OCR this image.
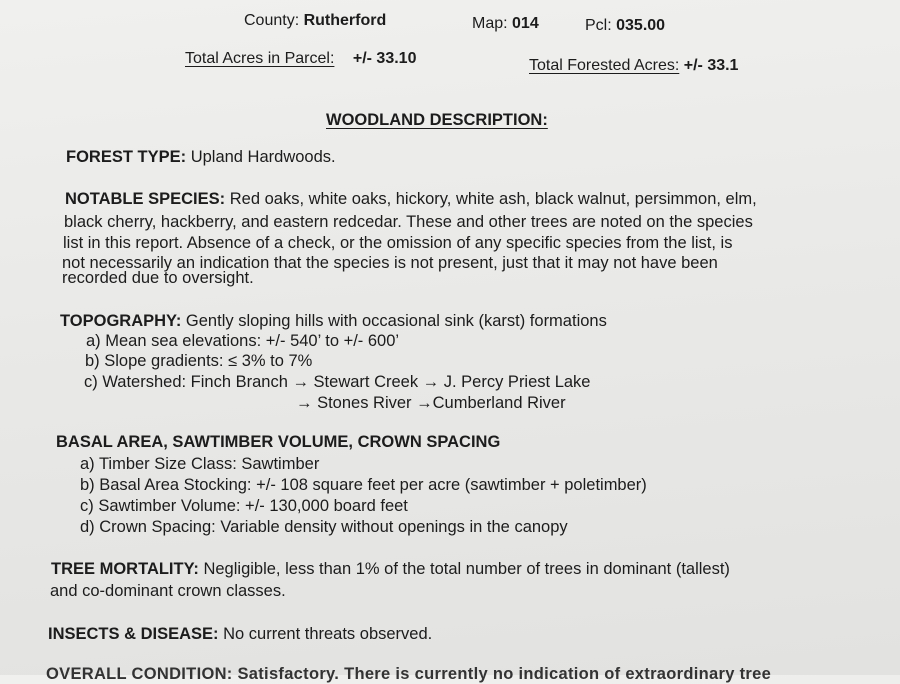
County: Rutherford	Map: 014	Pcl: 035.00
Total Acres in Parcel: +/- 33.10	Total Forested Acres: +/- 33.1
WOODLAND DESCRIPTION:
FOREST TYPE: Upland Hardwoods.
NOTABLE SPECIES: Red oaks, white oaks, hickory, white ash, black walnut, persimmon, elm,
black cherry, hackberry, and eastern redcedar. These and other trees are noted on the species
list in this report. Absence of a check, or the omission of any specific species from the list, is
not necessarily an indication that the species is not present, just that it may not have been
recorded due to oversight.
TOPOGRAPHY: Gently sloping hills with occasional sink (karst) formations
a) Mean sea elevations: +/- 540’ to +/- 600’
b) Slope gradients: ≤ 3% to 7%
c) Watershed: Finch Branch → Stewart Creek → J. Percy Priest Lake
→ Stones River →Cumberland River
BASAL AREA, SAWTIMBER VOLUME, CROWN SPACING
a) Timber Size Class: Sawtimber
b) Basal Area Stocking: +/- 108 square feet per acre (sawtimber + poletimber)
c) Sawtimber Volume: +/- 130,000 board feet
d) Crown Spacing: Variable density without openings in the canopy
TREE MORTALITY: Negligible, less than 1% of the total number of trees in dominant (tallest)
and co-dominant crown classes.
INSECTS & DISEASE: No current threats observed.
OVERALL CONDITION: Satisfactory. There is currently no indication of extraordinary tree
